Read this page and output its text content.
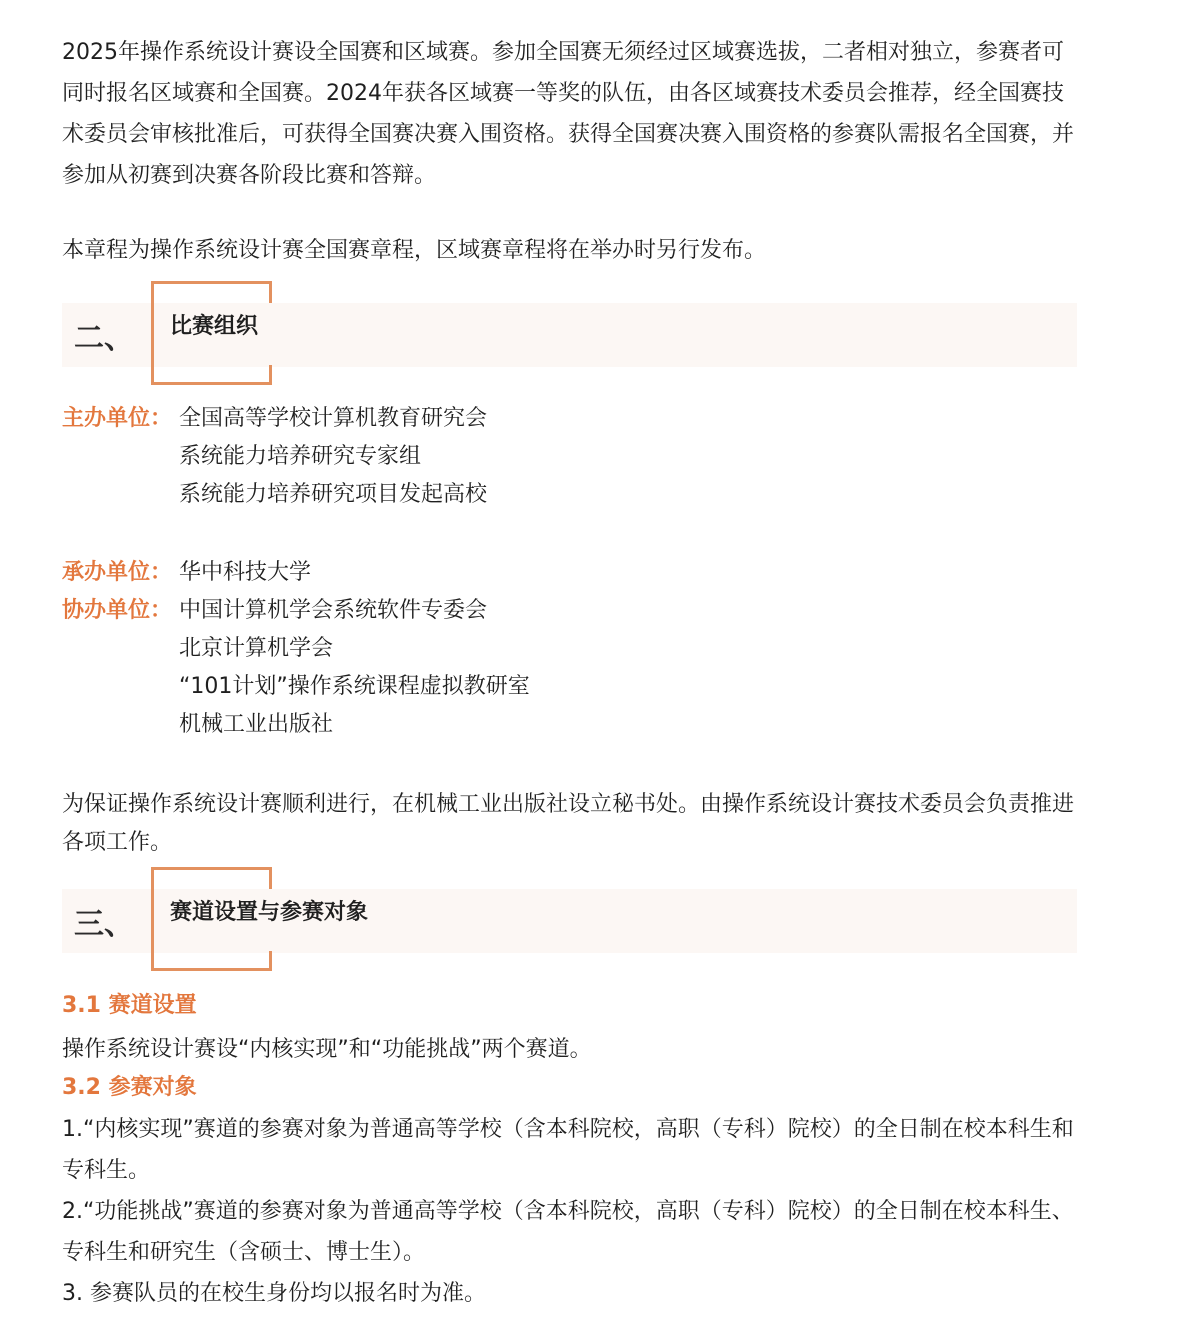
2025年操作系统设计赛设全国赛和区域赛。参加全国赛无须经过区域赛选拔，二者相对独立，参赛者可同时报名区域赛和全国赛。2024年获各区域赛一等奖的队伍，由各区域赛技术委员会推荐，经全国赛技术委员会审核批准后，可获得全国赛决赛入围资格。获得全国赛决赛入围资格的参赛队需报名全国赛，并参加从初赛到决赛各阶段比赛和答辩。

本章程为操作系统设计赛全国赛章程，区域赛章程将在举办时另行发布。

二、 比赛组织
主办单位： 全国高等学校计算机教育研究会
系统能力培养研究专家组
系统能力培养研究项目发起高校
承办单位： 华中科技大学
协办单位： 中国计算机学会系统软件专委会
北京计算机学会
“101计划”操作系统课程虚拟教研室
机械工业出版社

为保证操作系统设计赛顺利进行，在机械工业出版社设立秘书处。由操作系统设计赛技术委员会负责推进各项工作。

三、 赛道设置与参赛对象
3.1 赛道设置
操作系统设计赛设“内核实现”和“功能挑战”两个赛道。
3.2 参赛对象
1.“内核实现”赛道的参赛对象为普通高等学校（含本科院校，高职（专科）院校）的全日制在校本科生和专科生。
2.“功能挑战”赛道的参赛对象为普通高等学校（含本科院校，高职（专科）院校）的全日制在校本科生、专科生和研究生（含硕士、博士生）。
3. 参赛队员的在校生身份均以报名时为准。
